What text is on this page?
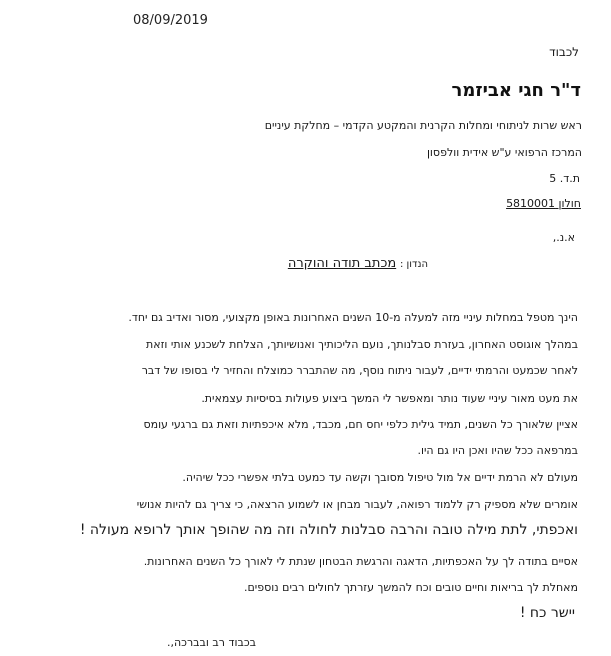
08/09/2019
לכבוד
ד"ר חגי אביזמר
ראש שרות לניתוחי ומחלות הקרנית והמקטע הקדמי – מחלקת עיניים
המרכז הרפואי ע"ש אידית וולפסון
ת.ד. 5
חולון 5810001
א.נ.,
הנדון : מכתב תודה והוקרה
הינך מטפל במחלות עיניי מזה למעלה מ-10 השנים האחרונות באופן מקצועי, מסור ואדיב גם יחד.
במהלך אוגוסט האחרון, בעזרת סבלנותך, נועם הליכותיך ואנושיותך, הצלחת לשכנע אותי וזאת
לאחר שכמעט והרמתי ידיים, לעבור ניתוח נוסף, מה שהתברר כמוצלח והחזיר לי בסופו של דבר
את מעט מאור עיניי שעוד נותר ומאפשר לי המשך ביצוע פעולות בסיסיות עצמאית.
אציין שלאורך כל השנים, תמיד גילית כלפי יחס חם, מכבד, מלא איכפתיות וזאת גם ברגעי עומס
במרפאה ככל שהיו ואכן היו גם היו.
מעולם לא הרמת ידיים אל מול טיפול מסובך וקשה עד כמעט בלתי אפשרי ככל שיהיה.
אומרים שלא מספיק רק ללמוד רפואה, לעבור מבחן או לשמוע הרצאה, כי צריך גם להיות אנושי
ואכפתי, לתת מילה טובה והרבה סבלנות לחולה וזה מה שהופך אותך לרופא מעולה !
אסיים בתודה לך על האכפתיות, הדאגה והרגשת הבטחון שנתת לי לאורך כל השנים האחרונות.
מאחלת לך בריאות וחיים טובים וכח להמשך עזרתך לחולים רבים נוספים.
יישר כח !
בכבוד רב ובברכה,.
